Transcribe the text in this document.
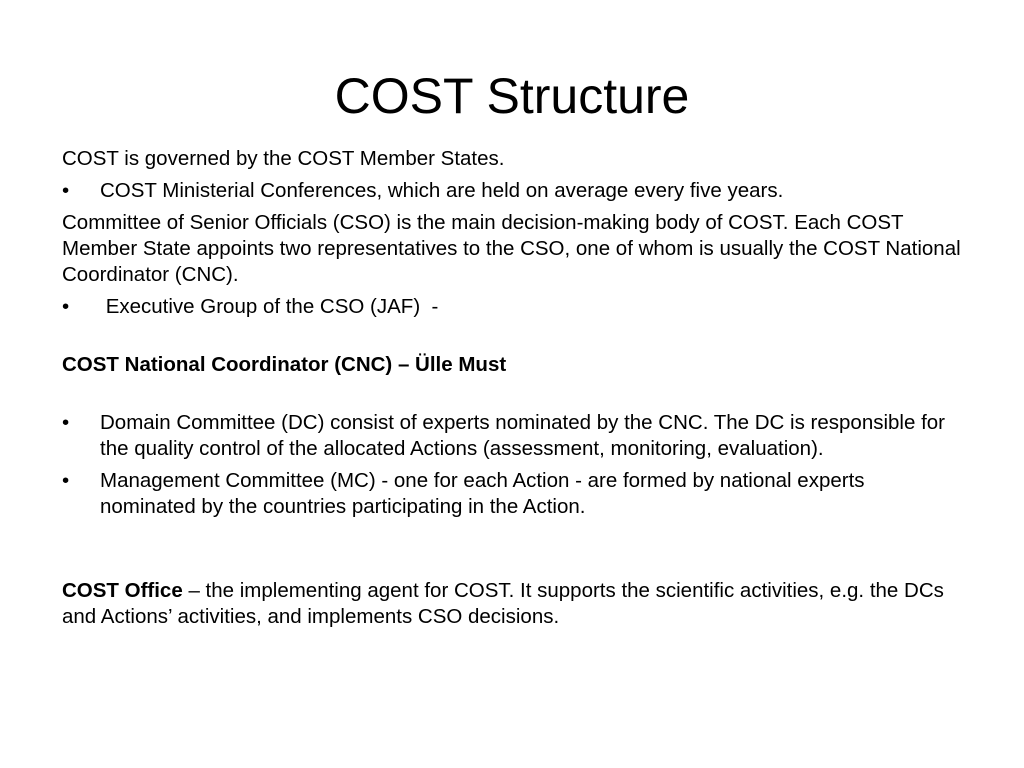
COST Structure

COST is governed by the COST Member States.

• COST Ministerial Conferences, which are held on average every five years.

Committee of Senior Officials (CSO) is the main decision-making body of COST. Each COST Member State appoints two representatives to the CSO, one of whom is usually the COST National Coordinator (CNC).

• Executive Group of the CSO (JAF)  -

COST National Coordinator (CNC) – Ülle Must

• Domain Committee (DC) consist of experts nominated by the CNC. The DC is responsible for the quality control of the allocated Actions (assessment, monitoring, evaluation).
• Management Committee (MC) - one for each Action - are formed by national experts nominated by the countries participating in the Action.

COST Office – the implementing agent for COST. It supports the scientific activities, e.g. the DCs and Actions’ activities, and implements CSO decisions.
